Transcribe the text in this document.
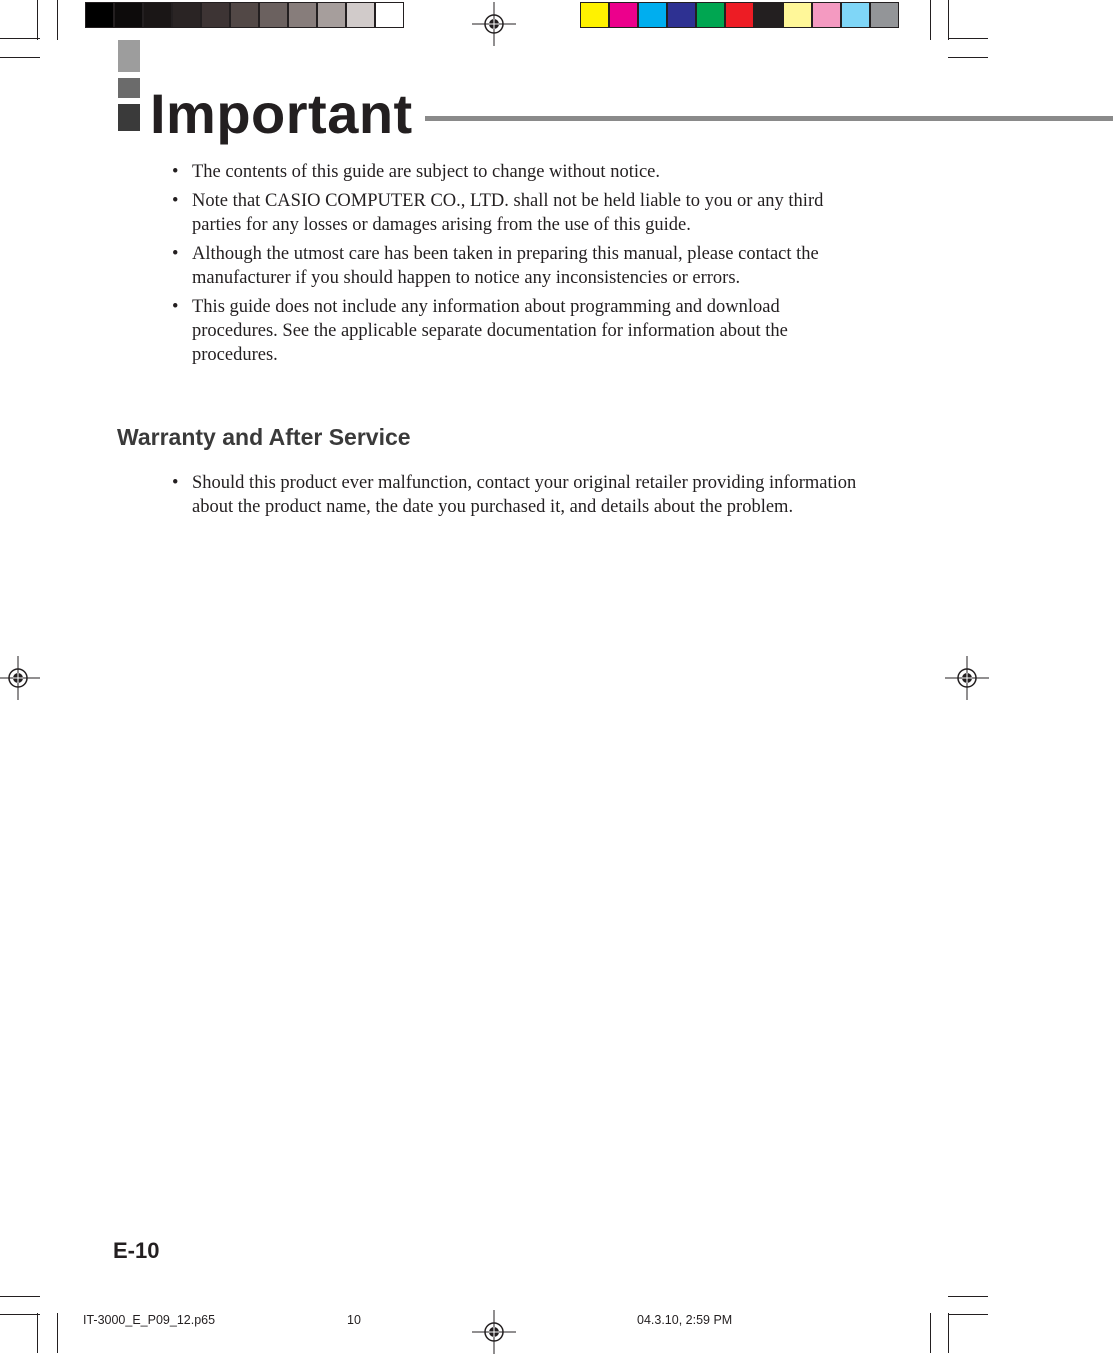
Important
• The contents of this guide are subject to change without notice.
• Note that CASIO COMPUTER CO., LTD. shall not be held liable to you or any third parties for any losses or damages arising from the use of this guide.
• Although the utmost care has been taken in preparing this manual, please contact the manufacturer if you should happen to notice any inconsistencies or errors.
• This guide does not include any information about programming and download procedures. See the applicable separate documentation for information about the procedures.
Warranty and After Service
• Should this product ever malfunction, contact your original retailer providing information about the product name, the date you purchased it, and details about the problem.
E-10
IT-3000_E_P09_12.p65	10	04.3.10, 2:59 PM
